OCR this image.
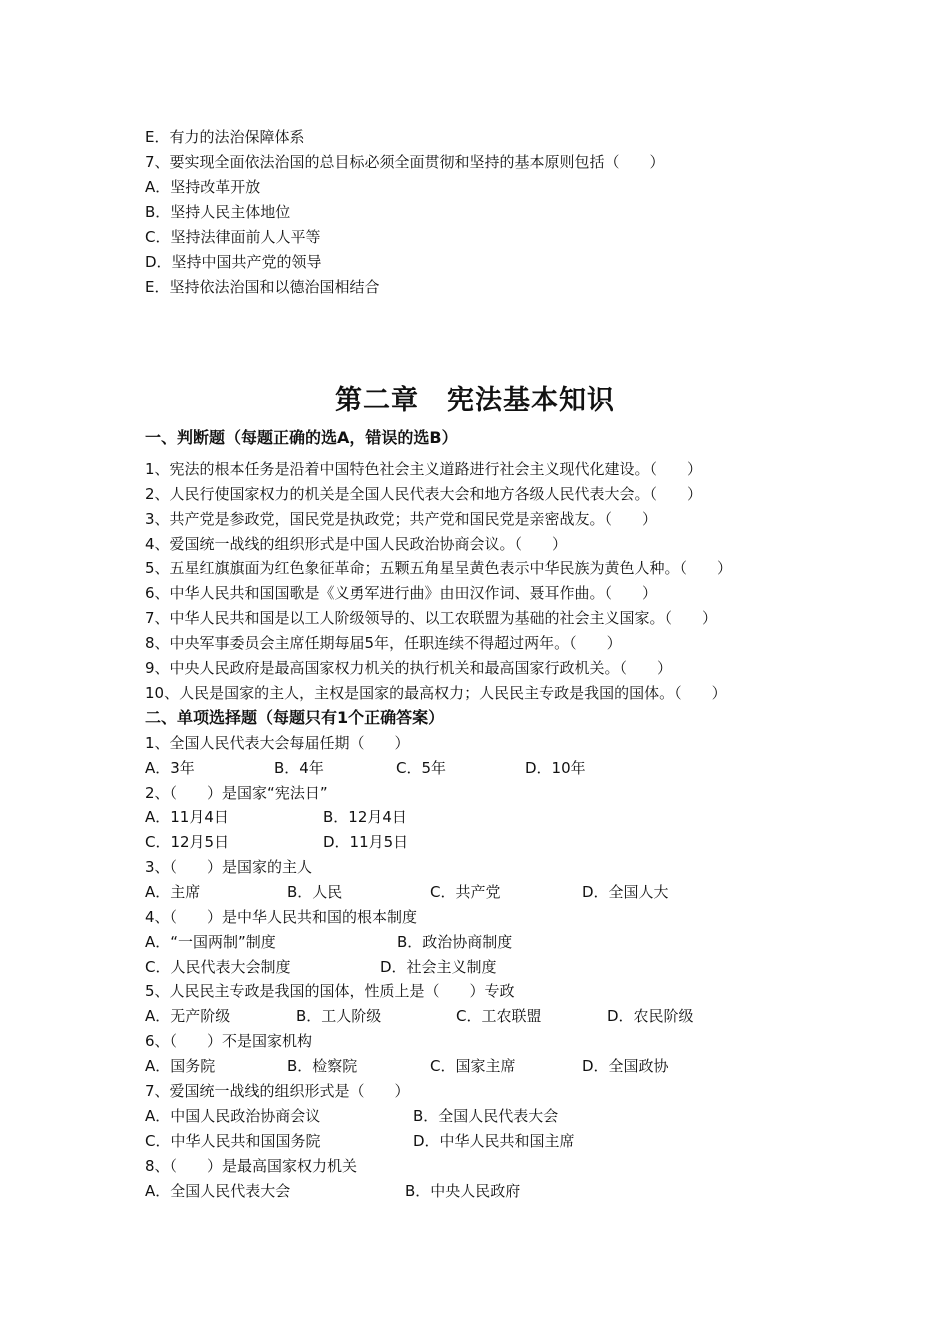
E．有力的法治保障体系
7、要实现全面依法治国的总目标必须全面贯彻和坚持的基本原则包括（　　）
A．坚持改革开放
B．坚持人民主体地位
C．坚持法律面前人人平等
D．坚持中国共产党的领导
E．坚持依法治国和以德治国相结合
第二章　宪法基本知识
一、判断题（每题正确的选A，错误的选B）
1、宪法的根本任务是沿着中国特色社会主义道路进行社会主义现代化建设。（　　）
2、人民行使国家权力的机关是全国人民代表大会和地方各级人民代表大会。（　　）
3、共产党是参政党，国民党是执政党；共产党和国民党是亲密战友。（　　）
4、爱国统一战线的组织形式是中国人民政治协商会议。（　　）
5、五星红旗旗面为红色象征革命；五颗五角星呈黄色表示中华民族为黄色人种。（　　）
6、中华人民共和国国歌是《义勇军进行曲》由田汉作词、聂耳作曲。（　　）
7、中华人民共和国是以工人阶级领导的、以工农联盟为基础的社会主义国家。（　　）
8、中央军事委员会主席任期每届5年，任职连续不得超过两年。（　　）
9、中央人民政府是最高国家权力机关的执行机关和最高国家行政机关。（　　）
10、人民是国家的主人，主权是国家的最高权力；人民民主专政是我国的国体。（　　）
二、单项选择题（每题只有1个正确答案）
1、全国人民代表大会每届任期（　　）
A．3年	B．4年	C．5年	D．10年
2、（　　）是国家“宪法日”
A．11月4日	B．12月4日
C．12月5日	D．11月5日
3、（　　）是国家的主人
A．主席	B．人民	C．共产党	D．全国人大
4、（　　）是中华人民共和国的根本制度
A．“一国两制”制度	B．政治协商制度
C．人民代表大会制度	D．社会主义制度
5、人民民主专政是我国的国体，性质上是（　　）专政
A．无产阶级	B．工人阶级	C．工农联盟	D．农民阶级
6、（　　）不是国家机构
A．国务院	B．检察院	C．国家主席	D．全国政协
7、爱国统一战线的组织形式是（　　）
A．中国人民政治协商会议	B．全国人民代表大会
C．中华人民共和国国务院	D．中华人民共和国主席
8、（　　）是最高国家权力机关
A．全国人民代表大会	B．中央人民政府
